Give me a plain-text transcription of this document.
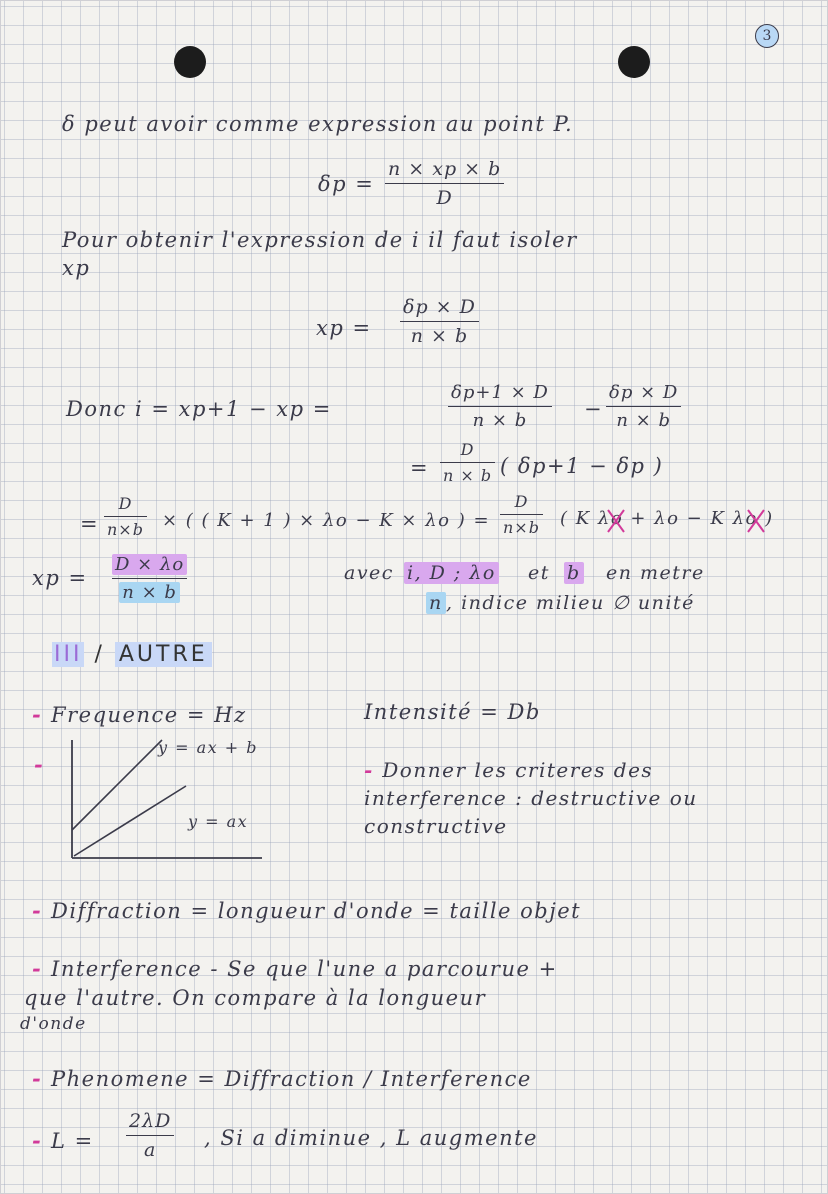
3
δ peut avoir comme expression au point P.
δp =
n × xp × b
D
Pour obtenir l'expression de i il faut isoler
xp
xp =
δp × D
n × b
Donc i = xp+1 − xp =
δp+1 × D
n × b	−
δp × D
n × b
=
D
n × b ( δp+1 − δp )
=
D
n×b × ( ( K + 1 ) × λo − K × λo ) =
D
n×b ( K λo + λo − K λo )
xp =
D × λo
n × b
avec i, D ; λo et b en metre
n , indice milieu ∅ unité
III / AUTRE
- Frequence = Hz	Intensité = Db
-
y = ax + b
y = ax
- Donner les criteres des
interference : destructive ou
constructive
- Diffraction = longueur d'onde = taille objet
- Interference - Se que l'une a parcourue +
que l'autre. On compare à la longueur
d'onde
- Phenomene = Diffraction / Interference
- L =
2λD
a , Si a diminue , L augmente
